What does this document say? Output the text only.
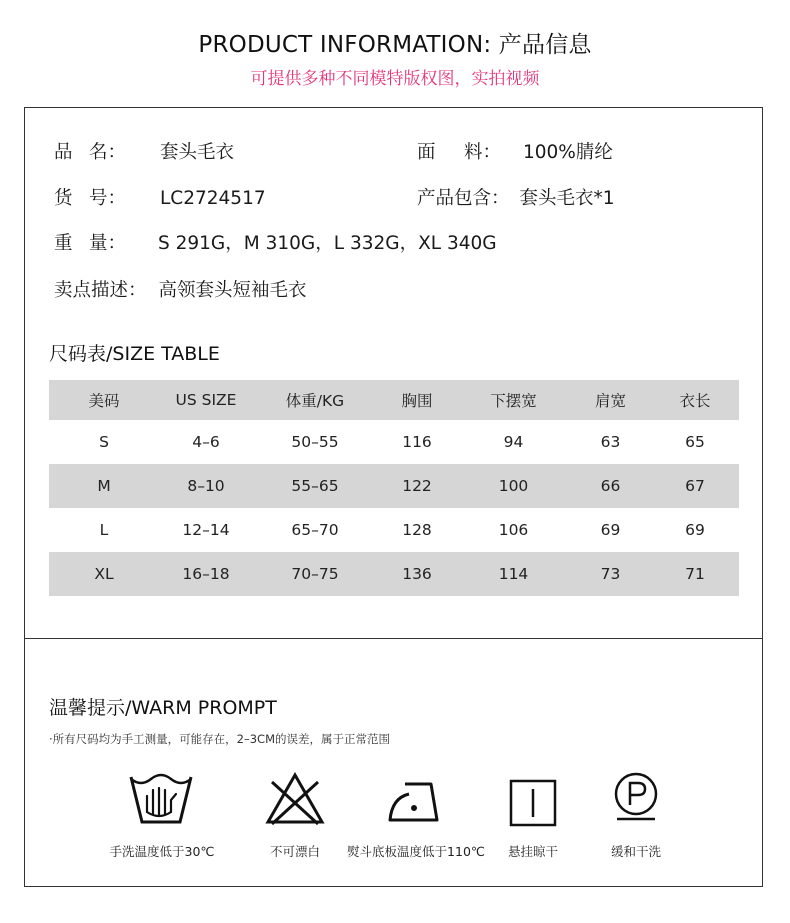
PRODUCT INFORMATION: 产品信息
可提供多种不同模特版权图，实拍视频
品 名： 套头毛衣	面 料： 100%腈纶
货 号： LC2724517	产品包含： 套头毛衣*1
重 量： S 291G，M 310G，L 332G，XL 340G
卖点描述： 高领套头短袖毛衣
尺码表/SIZE TABLE
美码	US SIZE	体重/KG	胸围	下摆宽	肩宽	衣长
S	4–6	50–55	116	94	63	65
M	8–10	55–65	122	100	66	67
L	12–14	65–70	128	106	69	69
XL	16–18	70–75	136	114	73	71
温馨提示/WARM PROMPT
·所有尺码均为手工测量，可能存在，2–3CM的误差，属于正常范围
手洗温度低于30℃	不可漂白	熨斗底板温度低于110℃	悬挂晾干	缓和干洗
